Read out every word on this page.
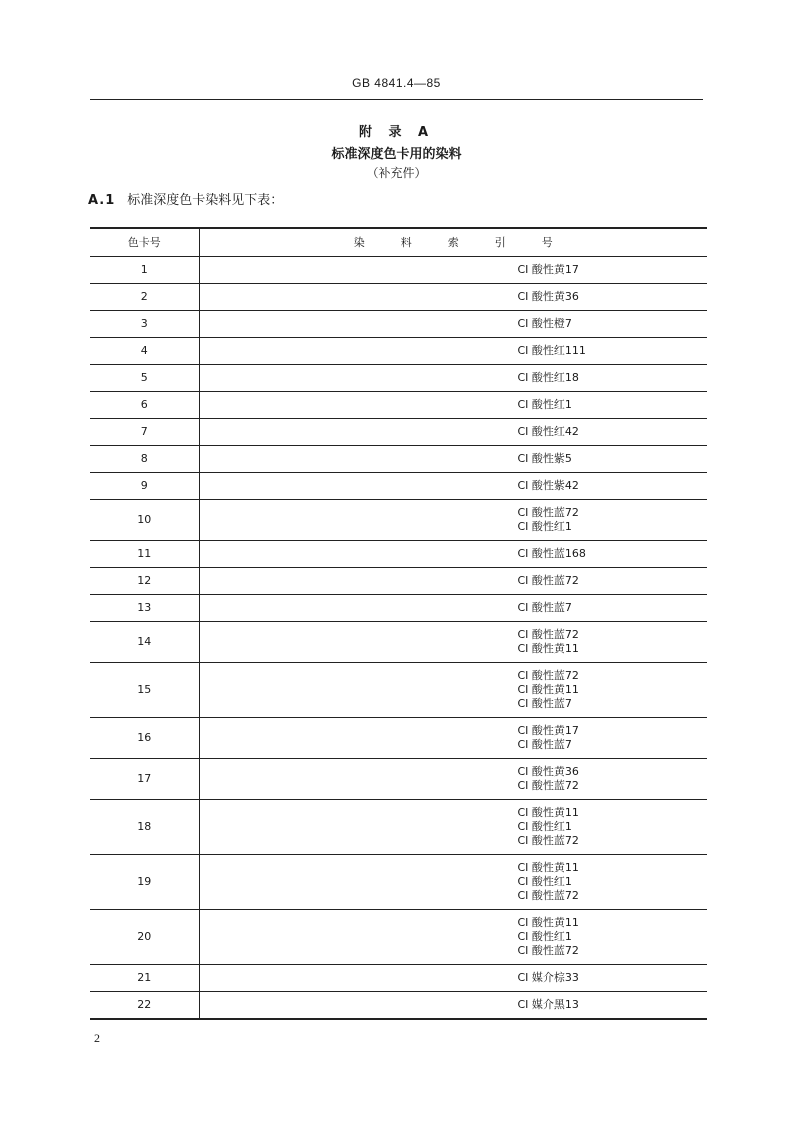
GB 4841.4—85
附 录 A
标准深度色卡用的染料
（补充件）
A.1 标准深度色卡染料见下表：
色卡号	染料索引号
1	CI 酸性黄17

2	CI 酸性黄36

3	CI 酸性橙7

4	CI 酸性红111

5	CI 酸性红18

6	CI 酸性红1

7	CI 酸性红42

8	CI 酸性紫5

9	CI 酸性紫42

10	CI 酸性蓝72
CI 酸性红1

11	CI 酸性蓝168

12	CI 酸性蓝72

13	CI 酸性蓝7

14	CI 酸性蓝72
CI 酸性黄11

15	CI 酸性蓝72
CI 酸性黄11
CI 酸性蓝7

16	CI 酸性黄17
CI 酸性蓝7

17	CI 酸性黄36
CI 酸性蓝72

18	CI 酸性黄11
CI 酸性红1
CI 酸性蓝72

19	CI 酸性黄11
CI 酸性红1
CI 酸性蓝72

20	CI 酸性黄11
CI 酸性红1
CI 酸性蓝72

21	CI 媒介棕33

22	CI 媒介黑13
2
